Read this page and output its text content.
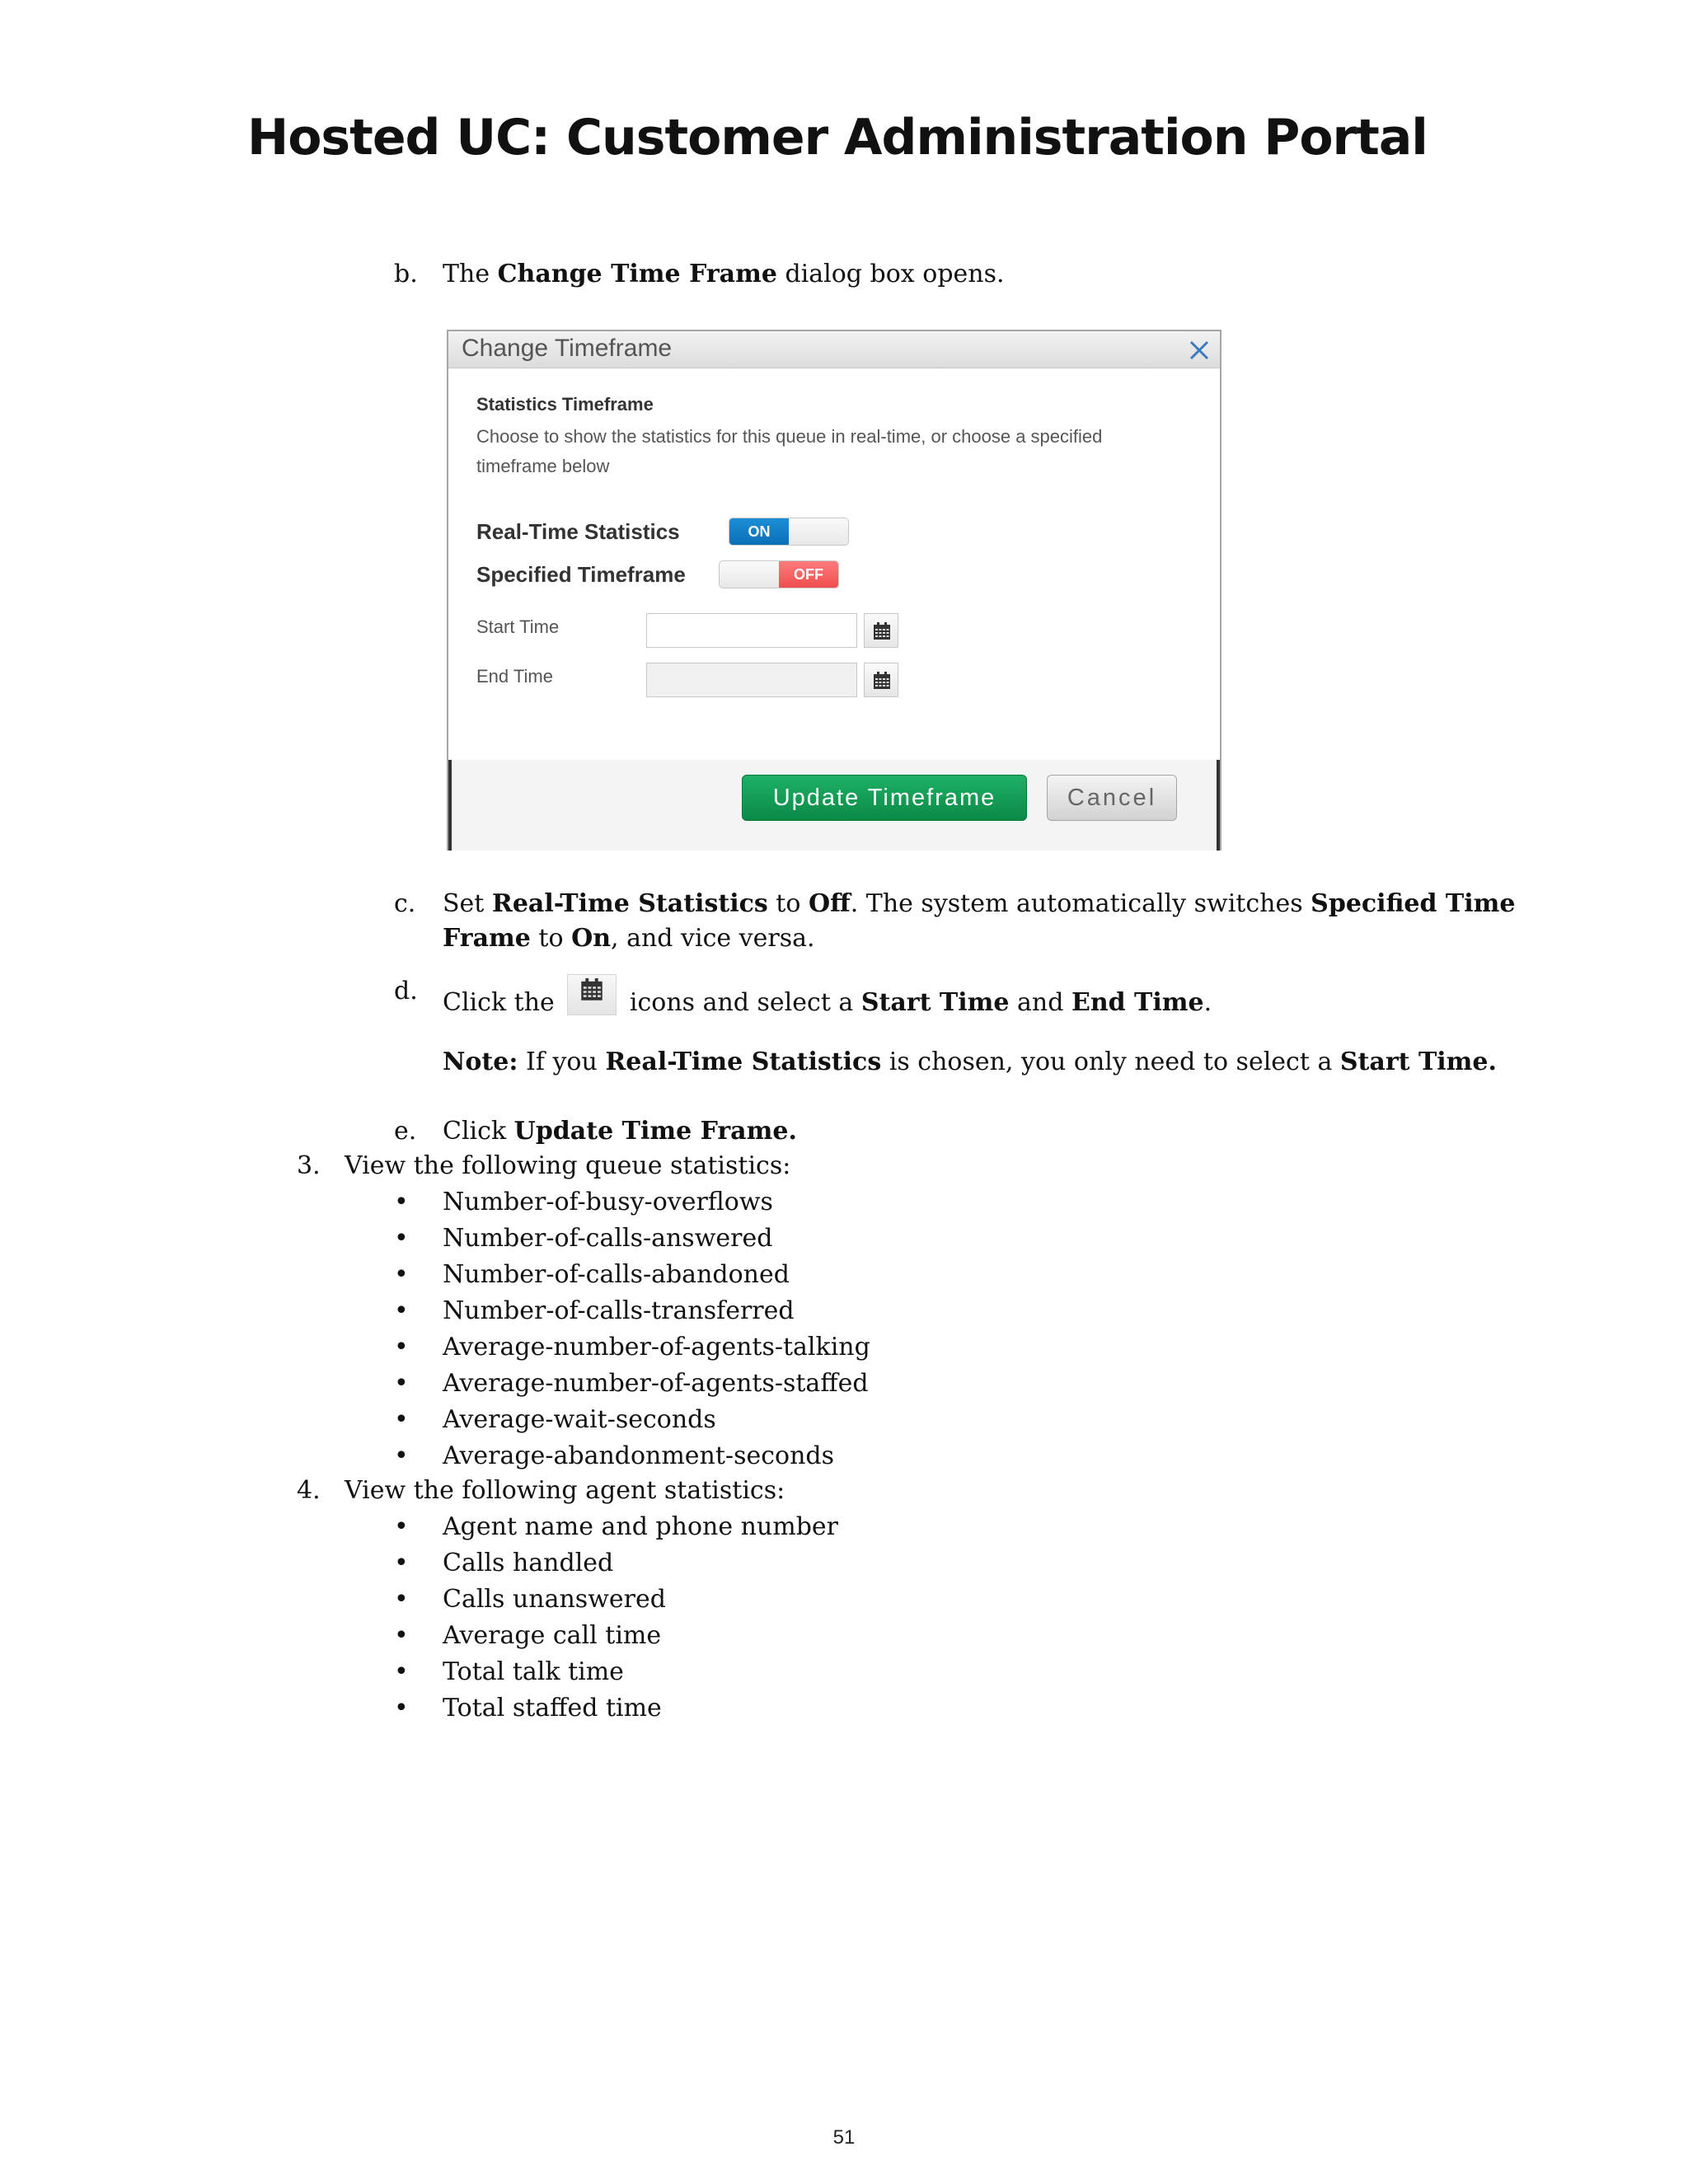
Hosted UC: Customer Administration Portal
b. The Change Time Frame dialog box opens.
Change Timeframe
Statistics Timeframe
Choose to show the statistics for this queue in real-time, or choose a specified timeframe below
Real-Time Statistics	ON
Specified Timeframe	OFF
Start Time
End Time
Update Timeframe	Cancel
c. Set Real-Time Statistics to Off. The system automatically switches Specified Time
Frame to On, and vice versa.
d. Click the
icons and select a Start Time and End Time.
Note: If you Real-Time Statistics is chosen, you only need to select a Start Time.
e. Click Update Time Frame.
3. View the following queue statistics:
• Number-of-busy-overflows
• Number-of-calls-answered
• Number-of-calls-abandoned
• Number-of-calls-transferred
• Average-number-of-agents-talking
• Average-number-of-agents-staffed
• Average-wait-seconds
• Average-abandonment-seconds
4. View the following agent statistics:
• Agent name and phone number
• Calls handled
• Calls unanswered
• Average call time
• Total talk time
• Total staffed time
51
